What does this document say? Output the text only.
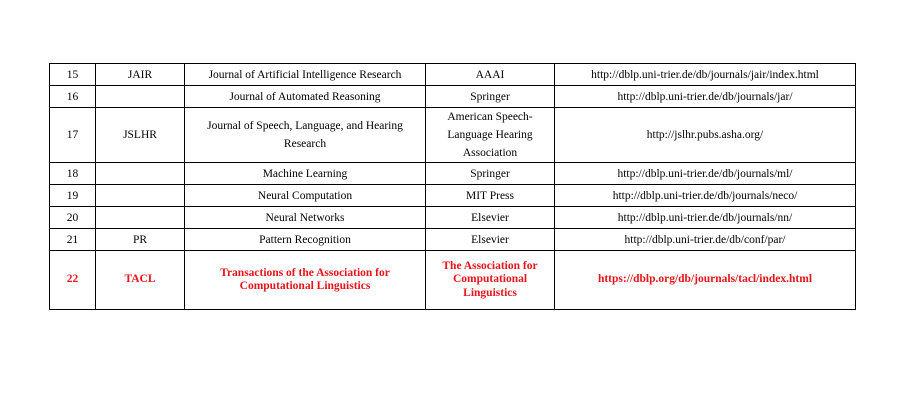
15	JAIR	Journal of Artificial Intelligence Research	AAAI	http://dblp.uni-trier.de/db/journals/jair/index.html
16		Journal of Automated Reasoning	Springer	http://dblp.uni-trier.de/db/journals/jar/
17	JSLHR	Journal of Speech, Language, and Hearing Research	American Speech-Language Hearing Association	http://jslhr.pubs.asha.org/
18		Machine Learning	Springer	http://dblp.uni-trier.de/db/journals/ml/
19		Neural Computation	MIT Press	http://dblp.uni-trier.de/db/journals/neco/
20		Neural Networks	Elsevier	http://dblp.uni-trier.de/db/journals/nn/
21	PR	Pattern Recognition	Elsevier	http://dblp.uni-trier.de/db/conf/par/
22	TACL	Transactions of the Association for Computational Linguistics	The Association for Computational Linguistics	https://dblp.org/db/journals/tacl/index.html
